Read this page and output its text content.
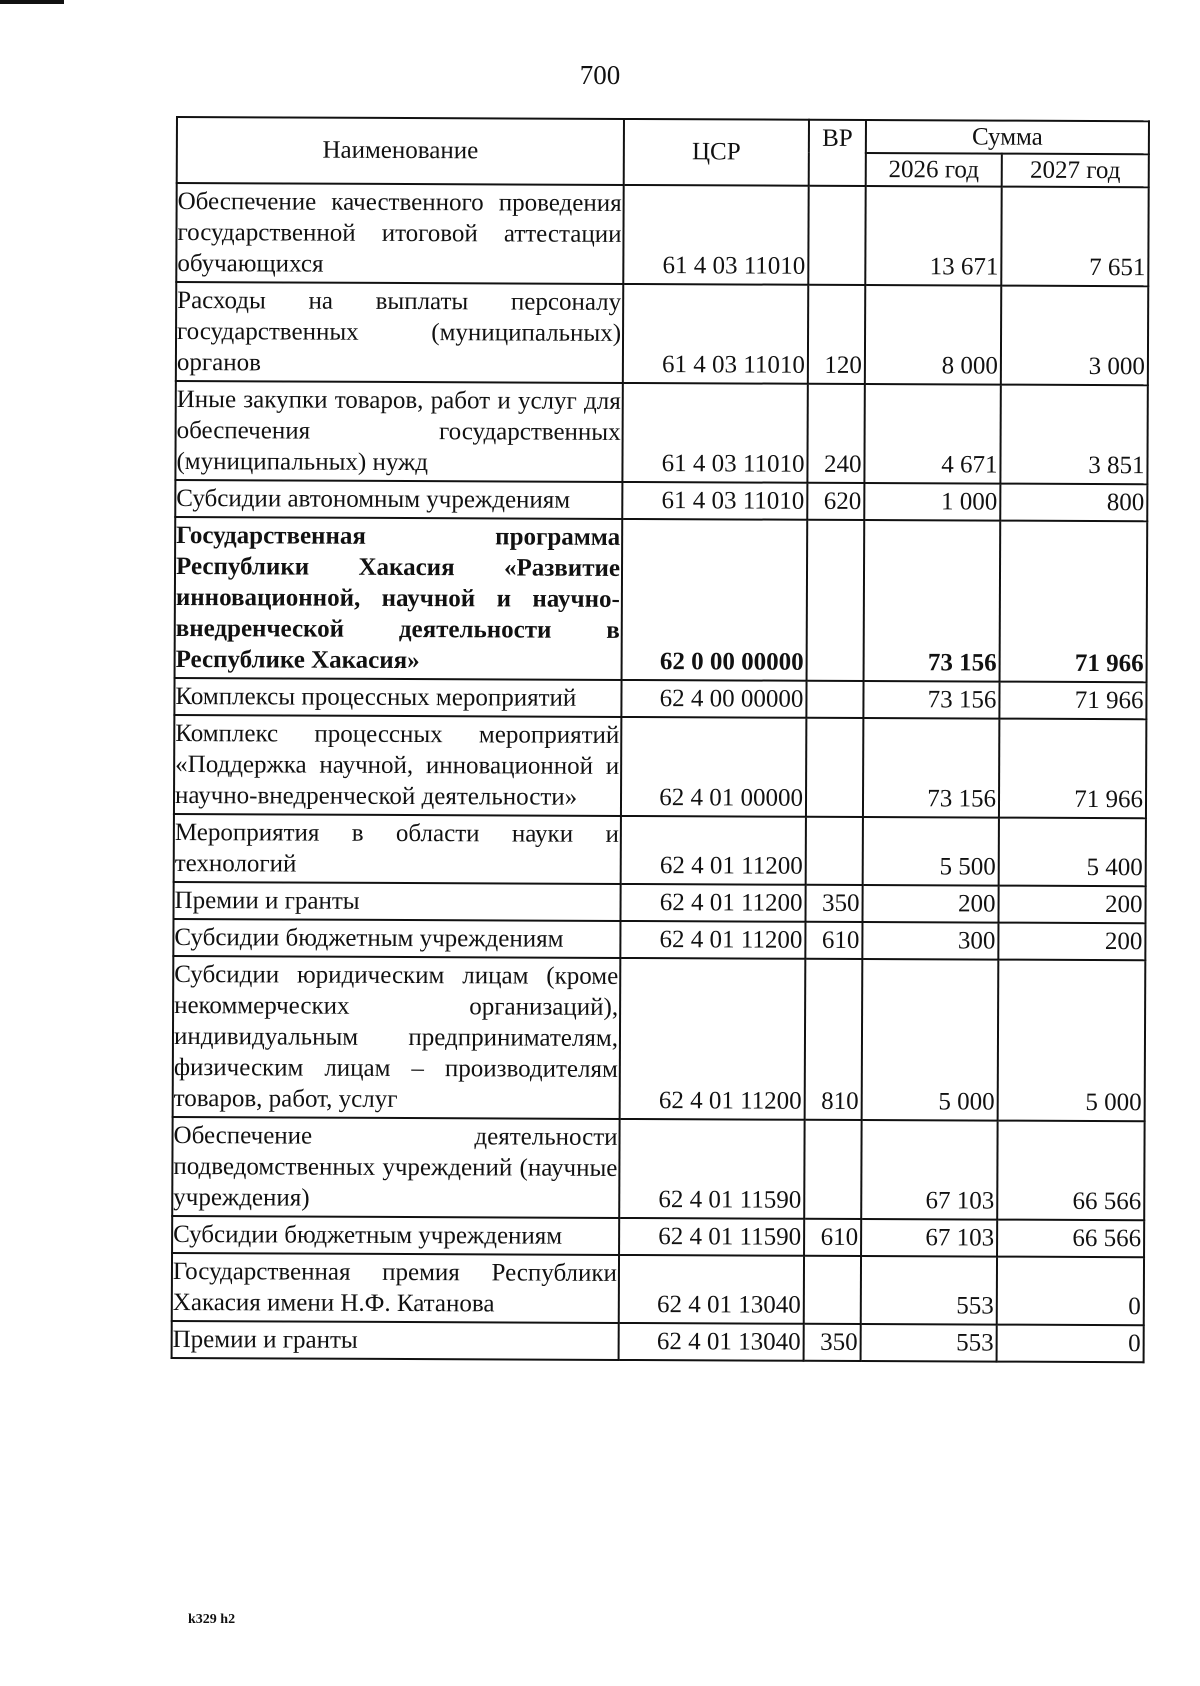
700
Наименование	ЦСР	ВР	Сумма	
			2026 год	2027 год
Обеспечение качественного проведения государственной итоговой аттестации обучающихся	61 4 03 11010		13 671	7 651
Расходы на выплаты персоналу государственных (муниципальных) органов	61 4 03 11010	120	8 000	3 000
Иные закупки товаров, работ и услуг для обеспечения государственных (муниципальных) нужд	61 4 03 11010	240	4 671	3 851
Субсидии автономным учреждениям	61 4 03 11010	620	1 000	800
Государственная программа Республики Хакасия «Развитие инновационной, научной и научно-внедренческой деятельности в Республике Хакасия»	62 0 00 00000		73 156	71 966
Комплексы процессных мероприятий	62 4 00 00000		73 156	71 966
Комплекс процессных мероприятий «Поддержка научной, инновационной и научно-внедренческой деятельности»	62 4 01 00000		73 156	71 966
Мероприятия в области науки и технологий	62 4 01 11200		5 500	5 400
Премии и гранты	62 4 01 11200	350	200	200
Субсидии бюджетным учреждениям	62 4 01 11200	610	300	200
Субсидии юридическим лицам (кроме некоммерческих организаций), индивидуальным предпринимателям, физическим лицам – производителям товаров, работ, услуг	62 4 01 11200	810	5 000	5 000
Обеспечение деятельности подведомственных учреждений (научные учреждения)	62 4 01 11590		67 103	66 566
Субсидии бюджетным учреждениям	62 4 01 11590	610	67 103	66 566
Государственная премия Республики Хакасия имени Н.Ф. Катанова	62 4 01 13040		553	0
Премии и гранты	62 4 01 13040	350	553	0
k329 h2
